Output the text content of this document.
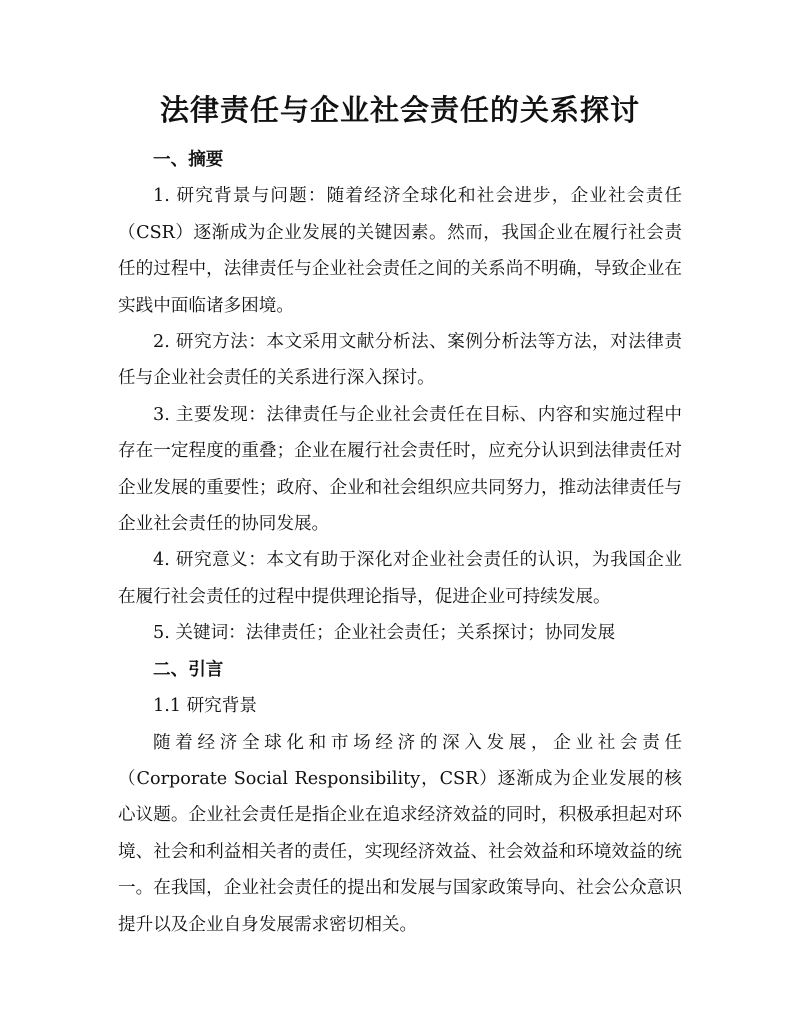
法律责任与企业社会责任的关系探讨

一、摘要

1. 研究背景与问题：随着经济全球化和社会进步，企业社会责任（CSR）逐渐成为企业发展的关键因素。然而，我国企业在履行社会责任的过程中，法律责任与企业社会责任之间的关系尚不明确，导致企业在实践中面临诸多困境。

2. 研究方法：本文采用文献分析法、案例分析法等方法，对法律责任与企业社会责任的关系进行深入探讨。

3. 主要发现：法律责任与企业社会责任在目标、内容和实施过程中存在一定程度的重叠；企业在履行社会责任时，应充分认识到法律责任对企业发展的重要性；政府、企业和社会组织应共同努力，推动法律责任与企业社会责任的协同发展。

4. 研究意义：本文有助于深化对企业社会责任的认识，为我国企业在履行社会责任的过程中提供理论指导，促进企业可持续发展。

5. 关键词：法律责任；企业社会责任；关系探讨；协同发展

二、引言

1.1 研究背景

随着经济全球化和市场经济的深入发展，企业社会责任（Corporate Social Responsibility，CSR）逐渐成为企业发展的核心议题。企业社会责任是指企业在追求经济效益的同时，积极承担起对环境、社会和利益相关者的责任，实现经济效益、社会效益和环境效益的统一。在我国，企业社会责任的提出和发展与国家政策导向、社会公众意识提升以及企业自身发展需求密切相关。
